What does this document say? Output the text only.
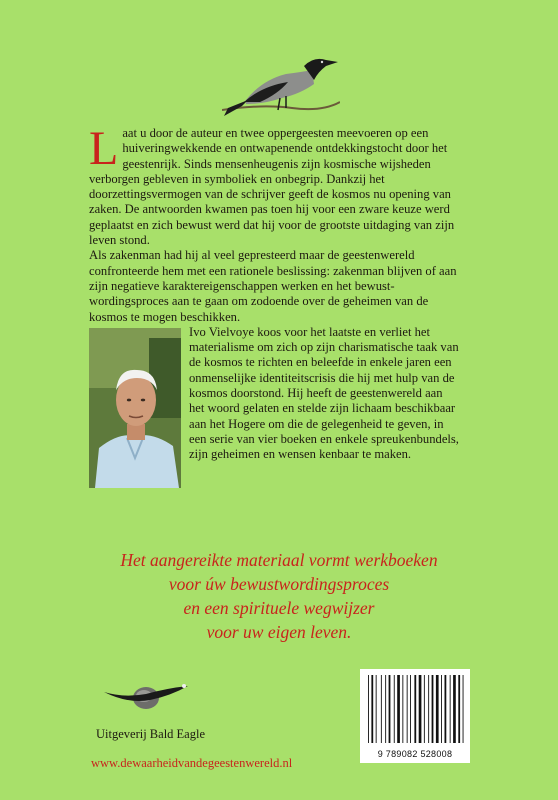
Laat u door de auteur en twee oppergeesten meevoeren op een huiveringwekkende en ontwapenende ontdekkingstocht door het geestenrijk. Sinds mensenheugenis zijn kosmische wijsheden verborgen gebleven in symboliek en onbegrip. Dankzij het doorzettingsvermogen van de schrijver geeft de kosmos nu opening van zaken. De antwoorden kwamen pas toen hij voor een zware keuze werd geplaatst en zich bewust werd dat hij voor de grootste uitdaging van zijn leven stond.

Als zakenman had hij al veel gepresteerd maar de geestenwereld confronteerde hem met een rationele beslissing: zakenman blijven of aan zijn negatieve karaktereigenschappen werken en het bewust-wordingsproces aan te gaan om zodoende over de geheimen van de kosmos te mogen beschikken.

Ivo Vielvoye koos voor het laatste en verliet het materialisme om zich op zijn charismatische taak van de kosmos te richten en beleefde in enkele jaren een onmenselijke identiteitscrisis die hij met hulp van de kosmos doorstond. Hij heeft de geestenwereld aan het woord gelaten en stelde zijn lichaam beschikbaar aan het Hogere om die de gelegenheid te geven, in een serie van vier boeken en enkele spreukenbundels, zijn geheimen en wensen kenbaar te maken.

Het aangereikte materiaal vormt werkboeken
voor úw bewustwordingsproces
en een spirituele wegwijzer
voor uw eigen leven.
Uitgeverij Bald Eagle
www.dewaarheidvandegeestenwereld.nl
9 789082 528008
